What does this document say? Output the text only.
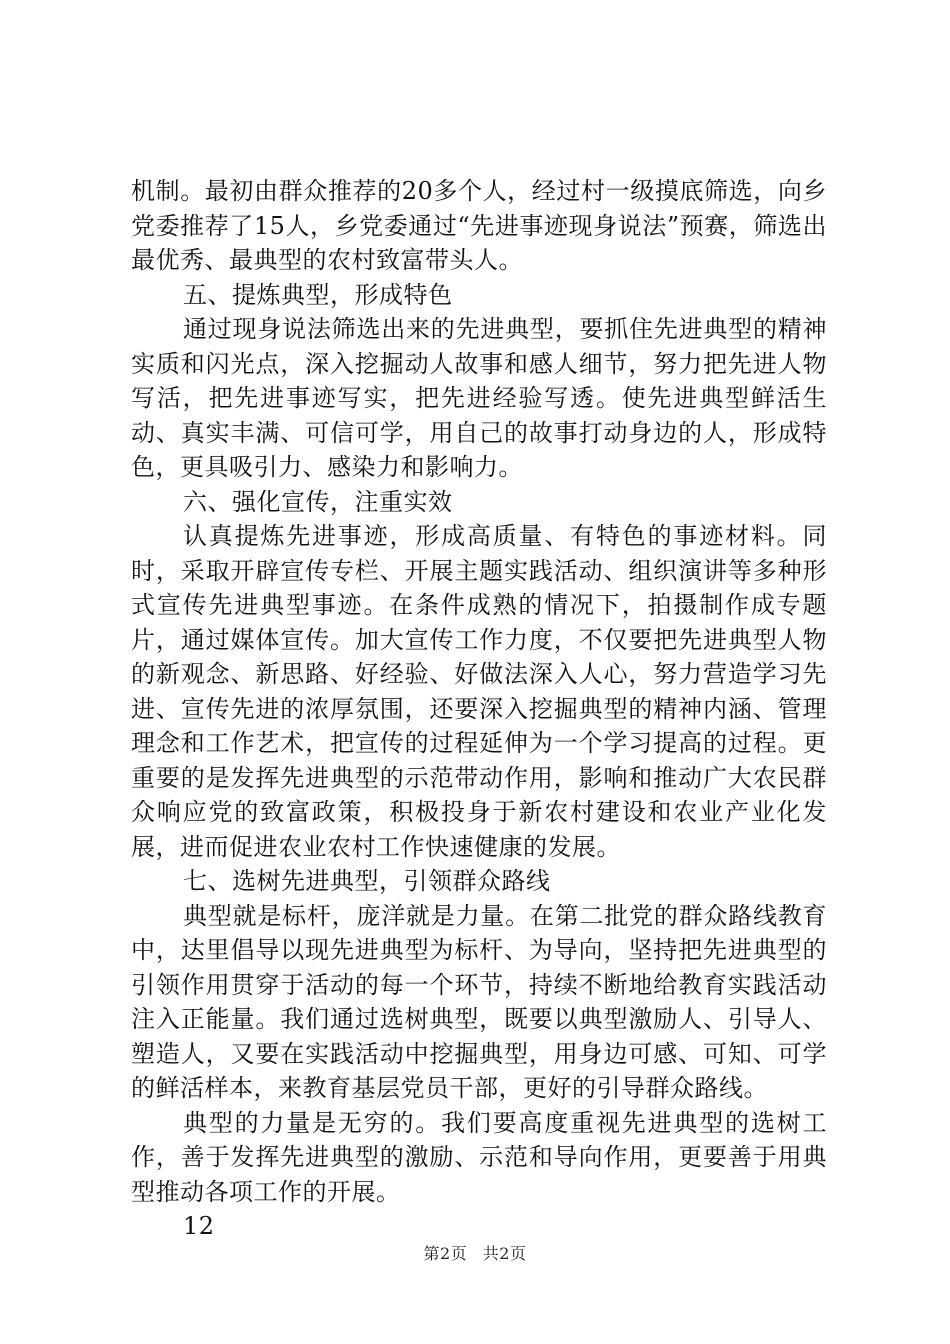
机制。最初由群众推荐的20多个人，经过村一级摸底筛选，向乡党委推荐了15人，乡党委通过“先进事迹现身说法”预赛，筛选出最优秀、最典型的农村致富带头人。

五、提炼典型，形成特色

通过现身说法筛选出来的先进典型，要抓住先进典型的精神实质和闪光点，深入挖掘动人故事和感人细节，努力把先进人物写活，把先进事迹写实，把先进经验写透。使先进典型鲜活生动、真实丰满、可信可学，用自己的故事打动身边的人，形成特色，更具吸引力、感染力和影响力。

六、强化宣传，注重实效

认真提炼先进事迹，形成高质量、有特色的事迹材料。同时，采取开辟宣传专栏、开展主题实践活动、组织演讲等多种形式宣传先进典型事迹。在条件成熟的情况下，拍摄制作成专题片，通过媒体宣传。加大宣传工作力度，不仅要把先进典型人物的新观念、新思路、好经验、好做法深入人心，努力营造学习先进、宣传先进的浓厚氛围，还要深入挖掘典型的精神内涵、管理理念和工作艺术，把宣传的过程延伸为一个学习提高的过程。更重要的是发挥先进典型的示范带动作用，影响和推动广大农民群众响应党的致富政策，积极投身于新农村建设和农业产业化发展，进而促进农业农村工作快速健康的发展。

七、选树先进典型，引领群众路线

典型就是标杆，庞洋就是力量。在第二批党的群众路线教育中，达里倡导以现先进典型为标杆、为导向，坚持把先进典型的引领作用贯穿于活动的每一个环节，持续不断地给教育实践活动注入正能量。我们通过选树典型，既要以典型激励人、引导人、塑造人，又要在实践活动中挖掘典型，用身边可感、可知、可学的鲜活样本，来教育基层党员干部，更好的引导群众路线。

典型的力量是无穷的。我们要高度重视先进典型的选树工作，善于发挥先进典型的激励、示范和导向作用，更要善于用典型推动各项工作的开展。

12

第2页 共2页
